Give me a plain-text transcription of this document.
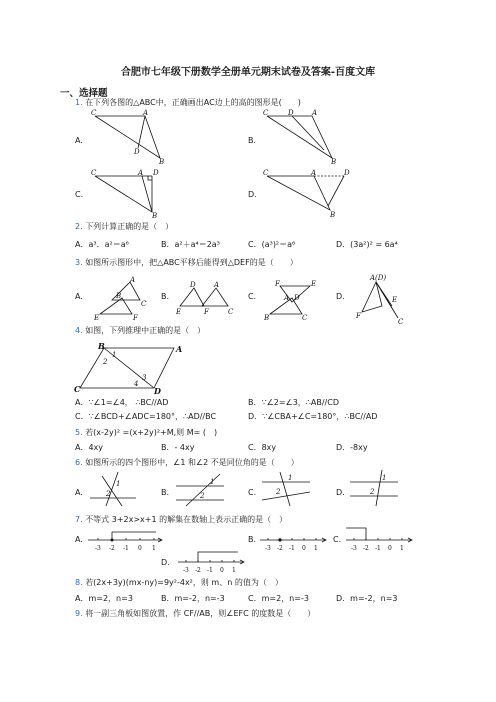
合肥市七年级下册数学全册单元期末试卷及答案-百度文库
一、选择题
1. 在下列各图的△ABC中，正确画出AC边上的高的图形是(　　)
A.	B.
C.	D.
C	A
B
D
C	D	A
B
C	A D
B
C	A	D
B
2. 下列计算正确的是（　）
A．a³．a²＝a⁶	B．a²＋a⁴＝2a³	C．(a³)²＝a⁶	D．(3a²)² = 6a⁴
3. 如图所示图形中，把△ABC平移后能得到△DEF的是（　　）
A.	B.	C.	D.
E
B
F
A
C
E
D
F
A
C
F	E
A D
B	C
A(D)
F
C
E
4. 如图，下列推理中正确的是（　）
B	A
C	D
1
2
3
4
A．∵∠1=∠4， ∴BC//AD	B．∵∠2=∠3，∴AB//CD
C．∵∠BCD+∠ADC=180°，∴AD//BC	D．∵∠CBA+∠C=180°，∴BC//AD
5. 若(x-2y)² =(x+2y)²+M,则 M= (　)
A．4xy	B．- 4xy	C．8xy	D．-8xy
6. 如图所示的四个图形中，∠1 和∠2 不是同位角的是（　　）
A.	B.	C.	D.
1
2
1
2
1
2
1
2
7. 不等式 3+2x>x+1 的解集在数轴上表示正确的是（　）
A.	B.	C.
D.
-3 -2 -1 0 1	-3 -2 -1 0 1	-3 -2 -1 0 1
-3 -2 -1 0 1
8. 若(2x+3y)(mx-ny)=9y²-4x²，则 m、n 的值为（　）
A．m=2，n=3	B．m=-2，n=-3	C．m=2，n=-3	D．m=-2，n=3
9. 将一副三角板如图放置，作 CF//AB，则∠EFC 的度数是（　　）
